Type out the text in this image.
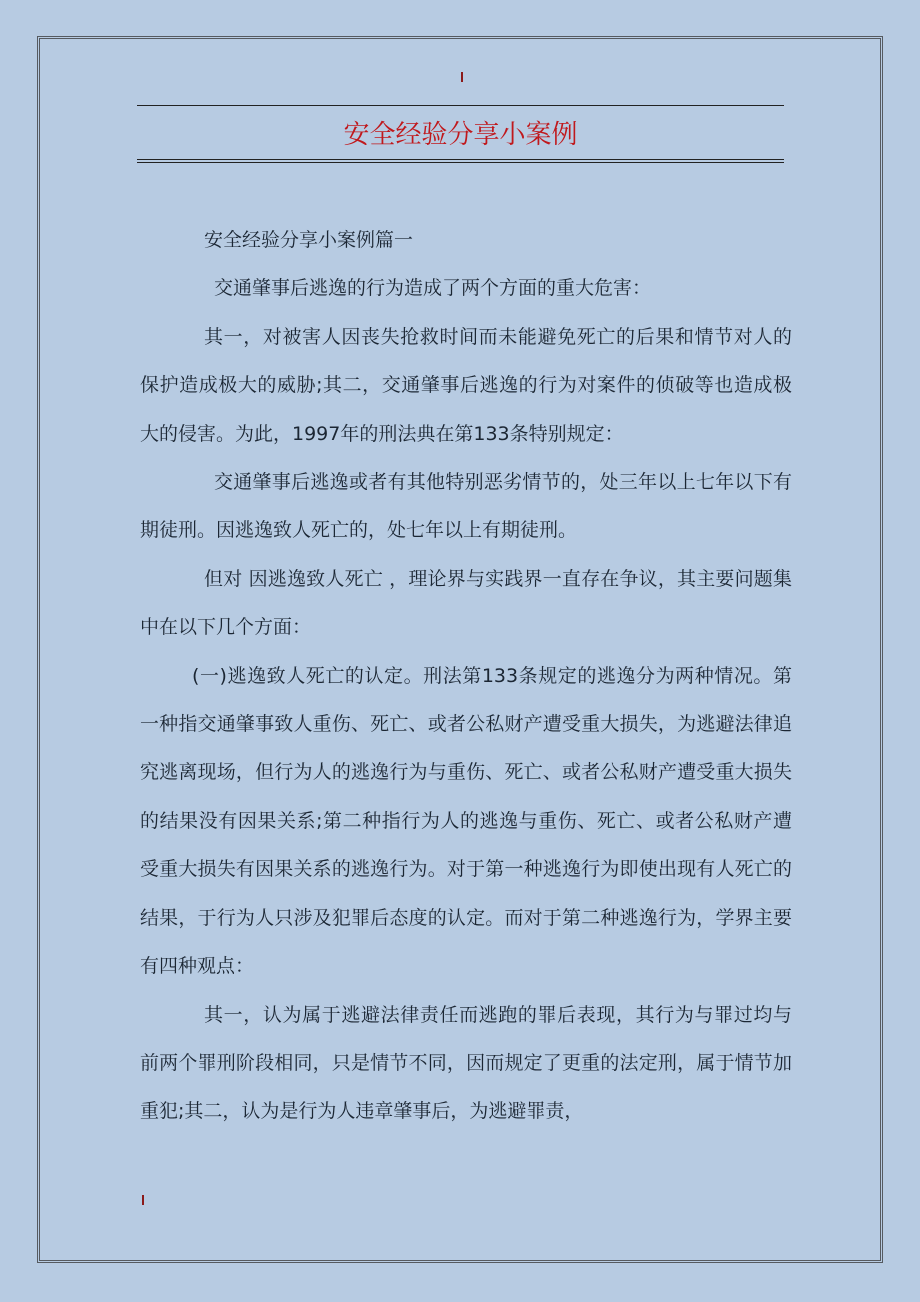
安全经验分享小案例

安全经验分享小案例篇一

交通肇事后逃逸的行为造成了两个方面的重大危害：

其一，对被害人因丧失抢救时间而未能避免死亡的后果和情节对人的保护造成极大的威胁;其二，交通肇事后逃逸的行为对案件的侦破等也造成极大的侵害。为此，1997年的刑法典在第133条特别规定：

交通肇事后逃逸或者有其他特别恶劣情节的，处三年以上七年以下有期徒刑。因逃逸致人死亡的，处七年以上有期徒刑。

但对 因逃逸致人死亡 ，理论界与实践界一直存在争议，其主要问题集中在以下几个方面：

(一)逃逸致人死亡的认定。刑法第133条规定的逃逸分为两种情况。第一种指交通肇事致人重伤、死亡、或者公私财产遭受重大损失，为逃避法律追究逃离现场，但行为人的逃逸行为与重伤、死亡、或者公私财产遭受重大损失的结果没有因果关系;第二种指行为人的逃逸与重伤、死亡、或者公私财产遭受重大损失有因果关系的逃逸行为。对于第一种逃逸行为即使出现有人死亡的结果，于行为人只涉及犯罪后态度的认定。而对于第二种逃逸行为，学界主要有四种观点：

其一，认为属于逃避法律责任而逃跑的罪后表现，其行为与罪过均与前两个罪刑阶段相同，只是情节不同，因而规定了更重的法定刑，属于情节加重犯;其二，认为是行为人违章肇事后，为逃避罪责，
